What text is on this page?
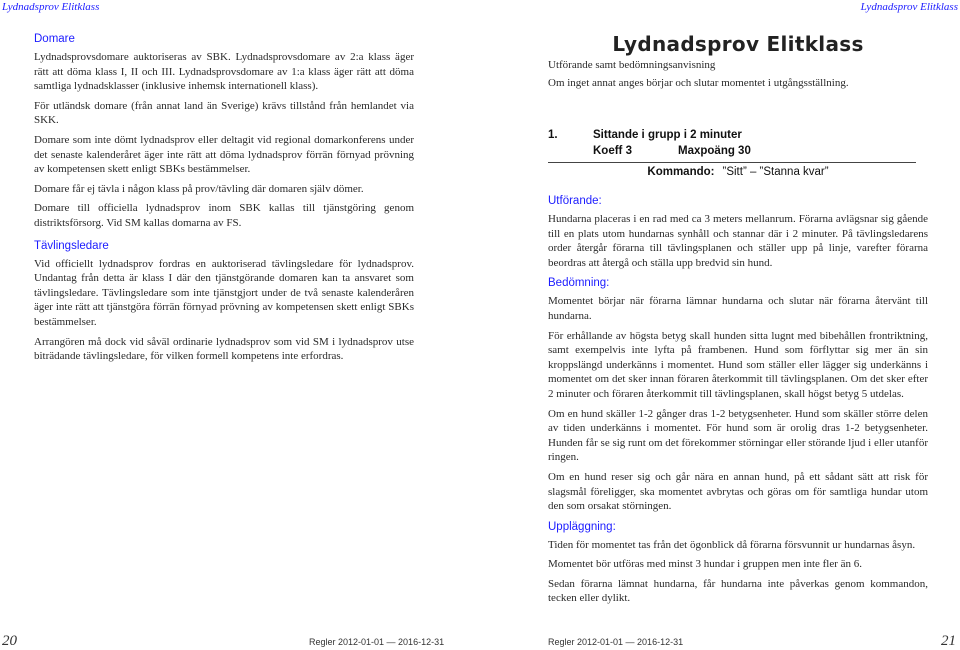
Lydnadsprov Elitklass	Lydnadsprov Elitklass
Domare

Lydnadsprovsdomare auktoriseras av SBK. Lydnadsprovsdomare av 2:a klass äger rätt att döma klass I, II och III. Lydnadsprovsdomare av 1:a klass äger rätt att döma samtliga lydnadsklasser (inklusive inhemsk internationell klass).

För utländsk domare (från annat land än Sverige) krävs tillstånd från hemlandet via SKK.

Domare som inte dömt lydnadsprov eller deltagit vid regional domarkonferens under det senaste kalenderåret äger inte rätt att döma lydnadsprov förrän förnyad prövning av kompetensen skett enligt SBKs bestämmelser.

Domare får ej tävla i någon klass på prov/tävling där domaren själv dömer.

Domare till officiella lydnadsprov inom SBK kallas till tjänstgöring genom distriktsförsorg. Vid SM kallas domarna av FS.

Tävlingsledare

Vid officiellt lydnadsprov fordras en auktoriserad tävlingsledare för lydnadsprov. Undantag från detta är klass I där den tjänstgörande domaren kan ta ansvaret som tävlingsledare. Tävlingsledare som inte tjänstgjort under de två senaste kalenderåren äger inte rätt att tjänstgöra förrän förnyad prövning av kompetensen skett enligt SBKs bestämmelser.

Arrangören må dock vid såväl ordinarie lydnadsprov som vid SM i lydnadsprov utse biträdande tävlingsledare, för vilken formell kompetens inte erfordras.

Lydnadsprov Elitklass
Utförande samt bedömningsanvisning
Om inget annat anges börjar och slutar momentet i utgångsställning.
1.	Sittande i grupp i 2 minuter
Koeff 3	Maxpoäng 30

Kommando: ”Sitt” – ”Stanna kvar”

Utförande:

Hundarna placeras i en rad med ca 3 meters mellanrum. Förarna avlägsnar sig gående till en plats utom hundarnas synhåll och stannar där i 2 minuter. På tävlingsledarens order återgår förarna till tävlingsplanen och ställer upp på linje, varefter förarna beordras att återgå och ställa upp bredvid sin hund.

Bedömning:

Momentet börjar när förarna lämnar hundarna och slutar när förarna återvänt till hundarna.

För erhållande av högsta betyg skall hunden sitta lugnt med bibehållen frontriktning, samt exempelvis inte lyfta på frambenen. Hund som förflyttar sig mer än sin kroppslängd underkänns i momentet. Hund som ställer eller lägger sig underkänns i momentet om det sker innan föraren återkommit till tävlingsplanen. Om det sker efter 2 minuter och föraren återkommit till tävlingsplanen, skall högst betyg 5 utdelas.

Om en hund skäller 1-2 gånger dras 1-2 betygsenheter. Hund som skäller större delen av tiden underkänns i momentet. För hund som är orolig dras 1-2 betygsenheter. Hunden får se sig runt om det förekommer störningar eller störande ljud i eller utanför ringen.

Om en hund reser sig och går nära en annan hund, på ett sådant sätt att risk för slagsmål föreligger, ska momentet avbrytas och göras om för samtliga hundar utom den som orsakat störningen.

Uppläggning:

Tiden för momentet tas från det ögonblick då förarna försvunnit ur hundarnas åsyn.

Momentet bör utföras med minst 3 hundar i gruppen men inte fler än 6.

Sedan förarna lämnat hundarna, får hundarna inte påverkas genom kommandon, tecken eller dylikt.

20	Regler 2012-01-01 — 2016-12-31	Regler 2012-01-01 — 2016-12-31	21
